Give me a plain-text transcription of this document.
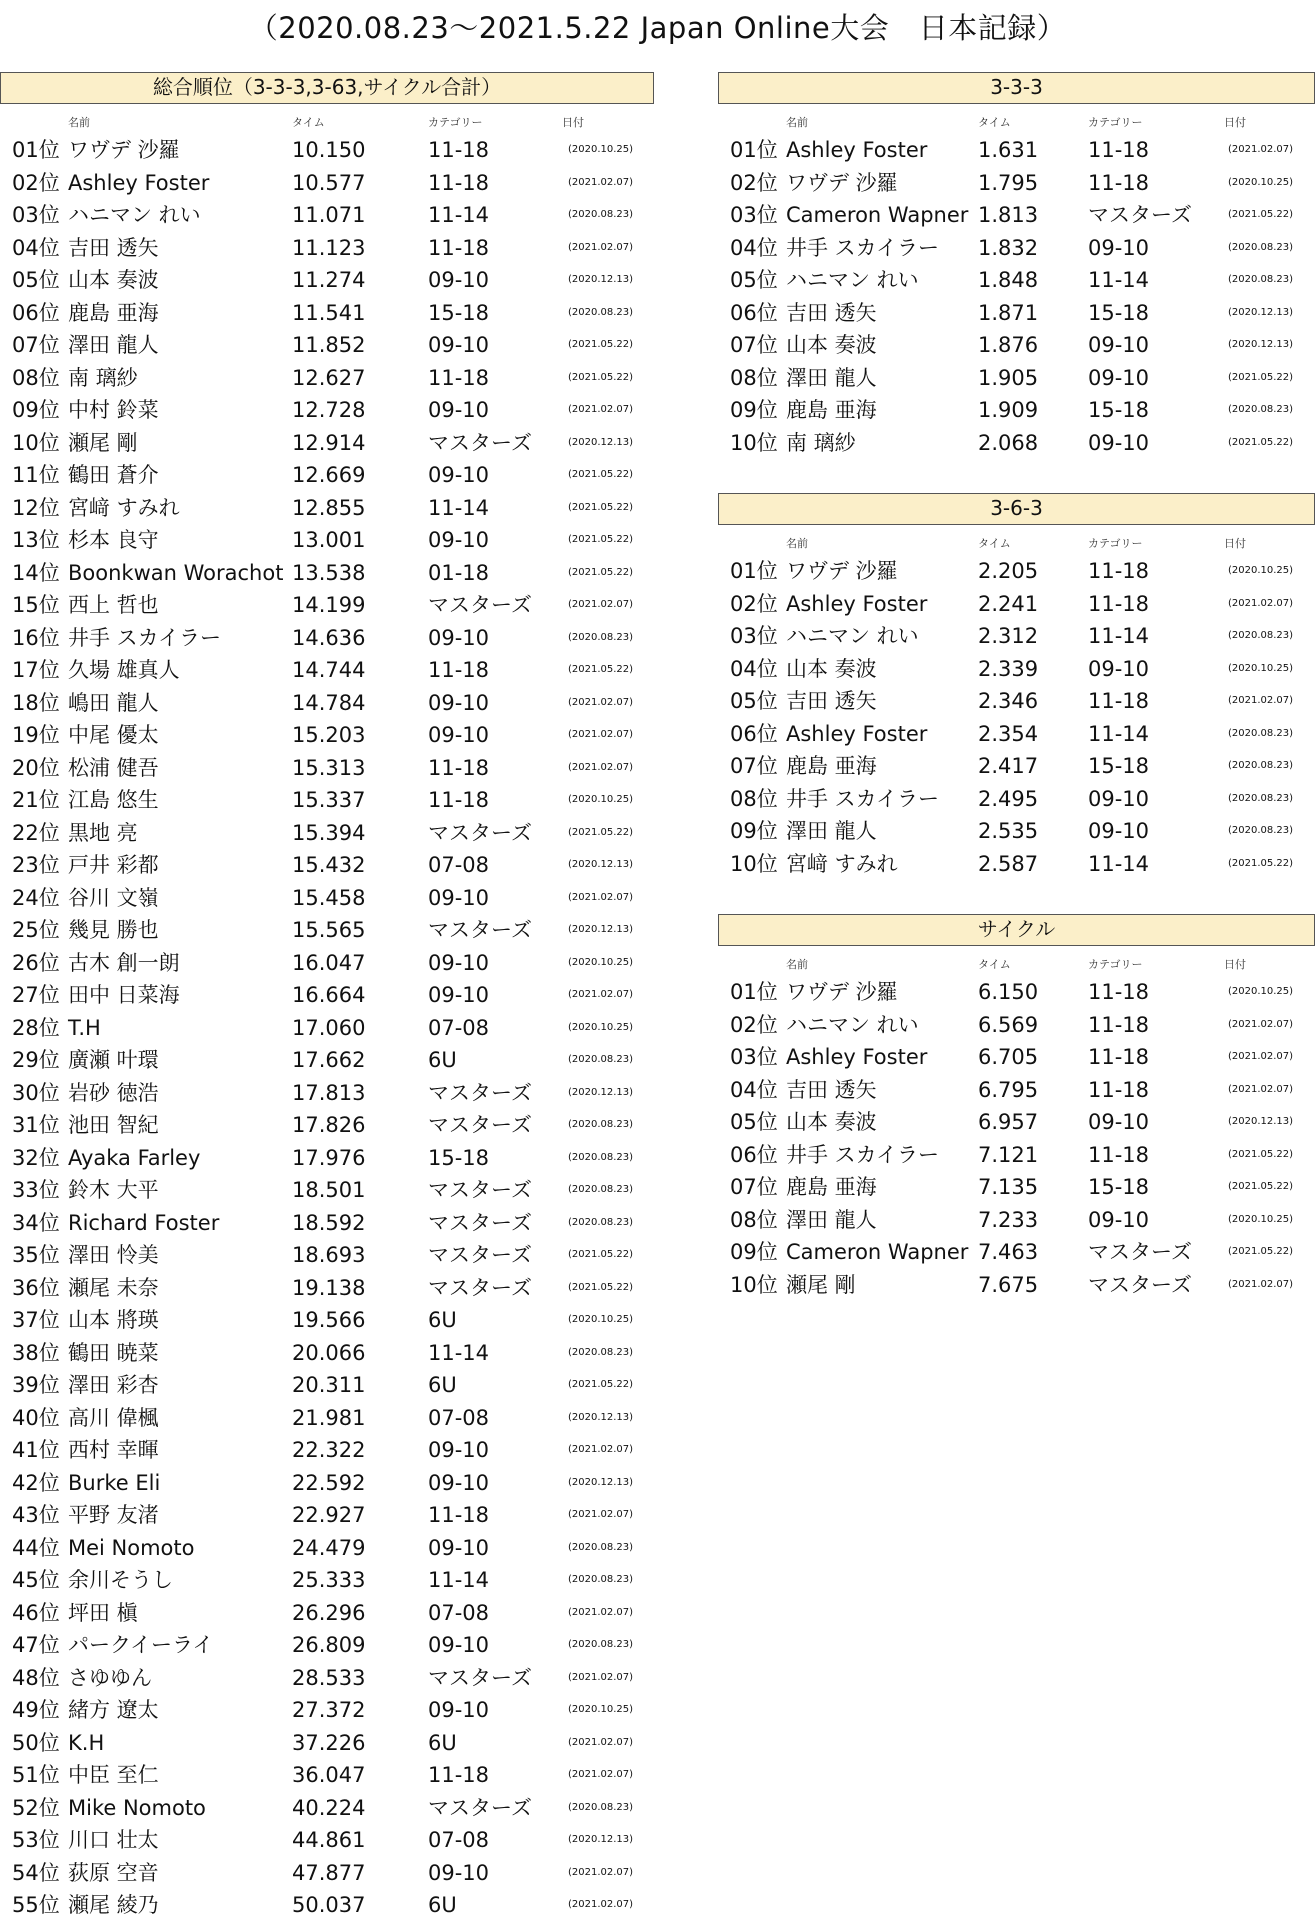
（2020.08.23〜2021.5.22 Japan Online大会　日本記録）
総合順位（3-3-3,3-63,サイクル合計）
名前	タイム	カテゴリー	日付
01位 ワヴデ 沙羅	10.150	11-18	(2020.10.25)
02位 Ashley Foster	10.577	11-18	(2021.02.07)
03位 ハニマン れい	11.071	11-14	(2020.08.23)
04位 吉田 透矢	11.123	11-18	(2021.02.07)
05位 山本 奏波	11.274	09-10	(2020.12.13)
06位 鹿島 亜海	11.541	15-18	(2020.08.23)
07位 澤田 龍人	11.852	09-10	(2021.05.22)
08位 南 璃紗	12.627	11-18	(2021.05.22)
09位 中村 鈴菜	12.728	09-10	(2021.02.07)
10位 瀬尾 剛	12.914	マスターズ	(2020.12.13)
11位 鶴田 蒼介	12.669	09-10	(2021.05.22)
12位 宮﨑 すみれ	12.855	11-14	(2021.05.22)
13位 杉本 良守	13.001	09-10	(2021.05.22)
14位 Boonkwan Worachot 13.538	01-18	(2021.05.22)
15位 西上 哲也	14.199	マスターズ	(2021.02.07)
16位 井手 スカイラー	14.636	09-10	(2020.08.23)
17位 久場 雄真人	14.744	11-18	(2021.05.22)
18位 嶋田 龍人	14.784	09-10	(2021.02.07)
19位 中尾 優太	15.203	09-10	(2021.02.07)
20位 松浦 健吾	15.313	11-18	(2021.02.07)
21位 江島 悠生	15.337	11-18	(2020.10.25)
22位 黒地 亮	15.394	マスターズ	(2021.05.22)
23位 戸井 彩都	15.432	07-08	(2020.12.13)
24位 谷川 文嶺	15.458	09-10	(2021.02.07)
25位 幾見 勝也	15.565	マスターズ	(2020.12.13)
26位 古木 創一朗	16.047	09-10	(2020.10.25)
27位 田中 日菜海	16.664	09-10	(2021.02.07)
28位 T.H	17.060	07-08	(2020.10.25)
29位 廣瀬 叶環	17.662	6U	(2020.08.23)
30位 岩砂 徳浩	17.813	マスターズ	(2020.12.13)
31位 池田 智紀	17.826	マスターズ	(2020.08.23)
32位 Ayaka Farley	17.976	15-18	(2020.08.23)
33位 鈴木 大平	18.501	マスターズ	(2020.08.23)
34位 Richard Foster	18.592	マスターズ	(2020.08.23)
35位 澤田 怜美	18.693	マスターズ	(2021.05.22)
36位 瀬尾 未奈	19.138	マスターズ	(2021.05.22)
37位 山本 將瑛	19.566	6U	(2020.10.25)
38位 鶴田 暁菜	20.066	11-14	(2020.08.23)
39位 澤田 彩杏	20.311	6U	(2021.05.22)
40位 高川 偉楓	21.981	07-08	(2020.12.13)
41位 西村 幸暉	22.322	09-10	(2021.02.07)
42位 Burke Eli	22.592	09-10	(2020.12.13)
43位 平野 友渚	22.927	11-18	(2021.02.07)
44位 Mei Nomoto	24.479	09-10	(2020.08.23)
45位 余川そうし	25.333	11-14	(2020.08.23)
46位 坪田 槇	26.296	07-08	(2021.02.07)
47位 パークイーライ	26.809	09-10	(2020.08.23)
48位 さゆゆん	28.533	マスターズ	(2021.02.07)
49位 緒方 遼太	27.372	09-10	(2020.10.25)
50位 K.H	37.226	6U	(2021.02.07)
51位 中臣 至仁	36.047	11-18	(2021.02.07)
52位 Mike Nomoto	40.224	マスターズ	(2020.08.23)
53位 川口 壮太	44.861	07-08	(2020.12.13)
54位 荻原 空音	47.877	09-10	(2021.02.07)
55位 瀬尾 綾乃	50.037	6U	(2021.02.07)
3-3-3
名前	タイム	カテゴリー	日付
01位 Ashley Foster 1.631 11-18	(2021.02.07)
02位 ワヴデ 沙羅	1.795 11-18	(2020.10.25)
03位 Cameron Wapner 1.813 マスターズ	(2021.05.22)
04位 井手 スカイラー 1.832 09-10	(2020.08.23)
05位 ハニマン れい	1.848 11-14	(2020.08.23)
06位 吉田 透矢	1.871 15-18	(2020.12.13)
07位 山本 奏波	1.876 09-10	(2020.12.13)
08位 澤田 龍人	1.905 09-10	(2021.05.22)
09位 鹿島 亜海	1.909 15-18	(2020.08.23)
10位 南 璃紗	2.068 09-10	(2021.05.22)
3-6-3
名前	タイム	カテゴリー	日付
01位 ワヴデ 沙羅	2.205 11-18	(2020.10.25)
02位 Ashley Foster 2.241 11-18	(2021.02.07)
03位 ハニマン れい	2.312 11-14	(2020.08.23)
04位 山本 奏波	2.339 09-10	(2020.10.25)
05位 吉田 透矢	2.346 11-18	(2021.02.07)
06位 Ashley Foster 2.354 11-14	(2020.08.23)
07位 鹿島 亜海	2.417 15-18	(2020.08.23)
08位 井手 スカイラー 2.495 09-10	(2020.08.23)
09位 澤田 龍人	2.535 09-10	(2020.08.23)
10位 宮﨑 すみれ	2.587 11-14	(2021.05.22)
サイクル
名前	タイム	カテゴリー	日付
01位 ワヴデ 沙羅	6.150 11-18	(2020.10.25)
02位 ハニマン れい	6.569 11-18	(2021.02.07)
03位 Ashley Foster 6.705 11-18	(2021.02.07)
04位 吉田 透矢	6.795 11-18	(2021.02.07)
05位 山本 奏波	6.957 09-10	(2020.12.13)
06位 井手 スカイラー 7.121 11-18	(2021.05.22)
07位 鹿島 亜海	7.135 15-18	(2021.05.22)
08位 澤田 龍人	7.233 09-10	(2020.10.25)
09位 Cameron Wapner 7.463 マスターズ	(2021.05.22)
10位 瀬尾 剛	7.675 マスターズ	(2021.02.07)
